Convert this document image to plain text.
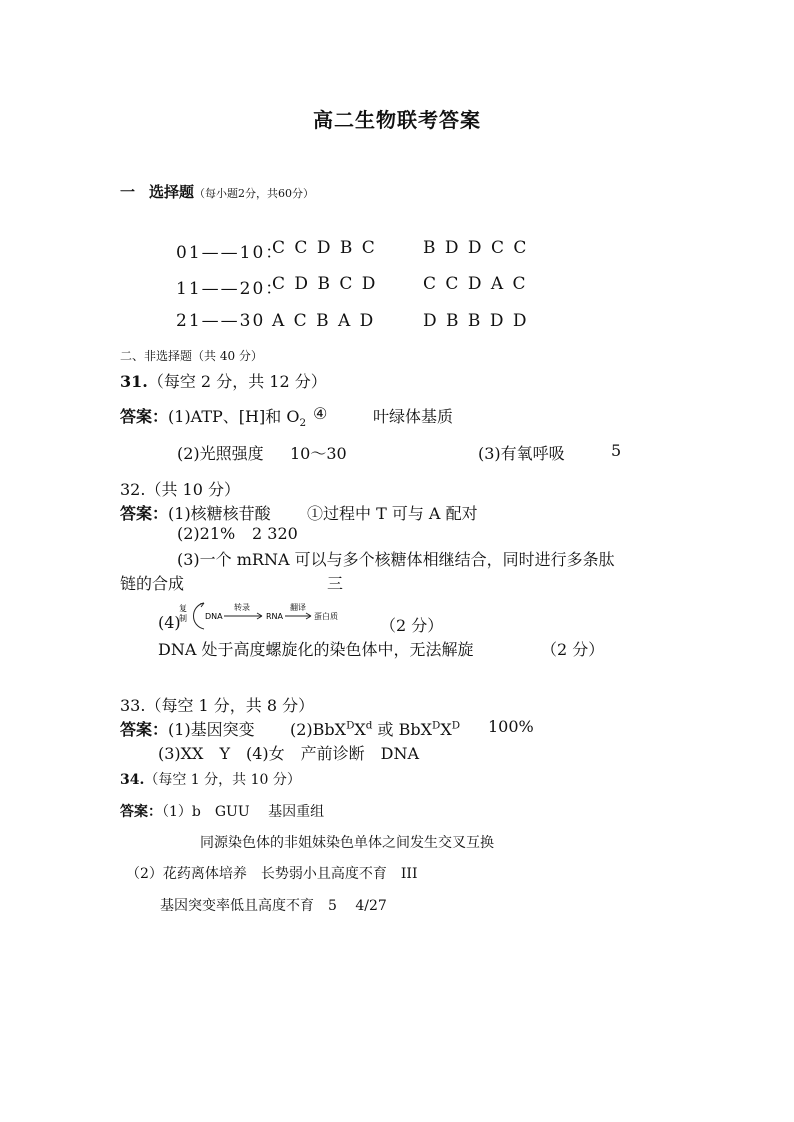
高二生物联考答案
一 选择题（每小题2分，共60分）
01——10：
C C D B C	B D D C C
11——20：
C D B C D	C C D A C
21——30 A C B A D	D B B D D
二、非选择题（共 40 分）
31.（每空 2 分，共 12 分）
答案：(1)ATP、[H]和 $O_2$
④	叶绿体基质
(2)光照强度 10～30	(3)有氧呼吸	5
32.（共 10 分）
答案：(1)核糖核苷酸 ①过程中 T 可与 A 配对
(2)21% 2 320
(3)一个 mRNA 可以与多个核糖体相继结合，同时进行多条肽
链的合成	三
(4)
复
制 DNA
转录
RNA
翻译
蛋白质	（2 分）
DNA 处于高度螺旋化的染色体中，无法解旋	（2 分）
33.（每空 1 分，共 8 分）
答案：(1)基因突变 $(2)BbX^DX^d$ 或 $BbX^DX^D$ 100%
(3)XX　Y　(4)女　产前诊断　DNA
34.（每空 1 分，共 10 分）
答案：（1）b　GUU　 基因重组
同源染色体的非姐妹染色单体之间发生交叉互换
（2）花药离体培养　长势弱小且高度不育　III
基因突变率低且高度不育　5　 4/27
